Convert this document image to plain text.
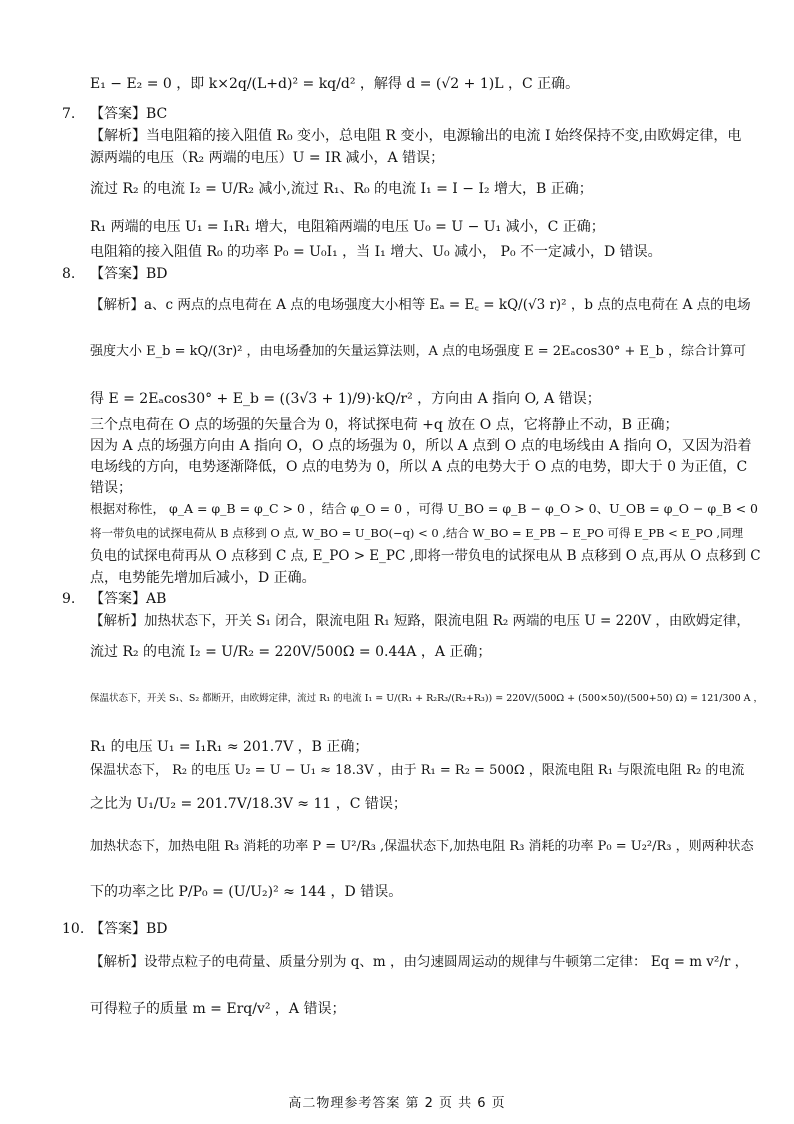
E₁ − E₂ = 0 ，即 k×2q/(L+d)² = kq/d² ，解得 d = (√2 + 1)L ，C 正确。
7. 【答案】BC
【解析】当电阻箱的接入阻值 R₀ 变小，总电阻 R 变小，电源输出的电流 I 始终保持不变,由欧姆定律，电
源两端的电压（R₂ 两端的电压）U = IR 减小，A 错误；
流过 R₂ 的电流 I₂ = U/R₂ 减小,流过 R₁、R₀ 的电流 I₁ = I − I₂ 增大，B 正确；
R₁ 两端的电压 U₁ = I₁R₁ 增大，电阻箱两端的电压 U₀ = U − U₁ 减小，C 正确；
电阻箱的接入阻值 R₀ 的功率 P₀ = U₀I₁ ，当 I₁ 增大、U₀ 减小， P₀ 不一定减小，D 错误。
8. 【答案】BD
【解析】a、c 两点的点电荷在 A 点的电场强度大小相等 Eₐ = E꜀ = kQ/(√3 r)² ，b 点的点电荷在 A 点的电场
强度大小 E_b = kQ/(3r)² ，由电场叠加的矢量运算法则，A 点的电场强度 E = 2Eₐcos30° + E_b ，综合计算可
得 E = 2Eₐcos30° + E_b = ((3√3 + 1)/9)·kQ/r² ，方向由 A 指向 O, A 错误；
三个点电荷在 O 点的场强的矢量合为 0，将试探电荷 +q 放在 O 点，它将静止不动，B 正确；
因为 A 点的场强方向由 A 指向 O，O 点的场强为 0，所以 A 点到 O 点的电场线由 A 指向 O，又因为沿着
电场线的方向，电势逐渐降低，O 点的电势为 0，所以 A 点的电势大于 O 点的电势，即大于 0 为正值，C
错误；
根据对称性， φ_A = φ_B = φ_C > 0 ，结合 φ_O = 0 ，可得 U_BO = φ_B − φ_O > 0、U_OB = φ_O − φ_B < 0
将一带负电的试探电荷从 B 点移到 O 点, W_BO = U_BO(−q) < 0 ,结合 W_BO = E_PB − E_PO 可得 E_PB < E_PO ,同理
负电的试探电荷再从 O 点移到 C 点, E_PO > E_PC ,即将一带负电的试探电从 B 点移到 O 点,再从 O 点移到 C
点，电势能先增加后减小，D 正确。
9. 【答案】AB
【解析】加热状态下，开关 S₁ 闭合，限流电阻 R₁ 短路，限流电阻 R₂ 两端的电压 U = 220V ，由欧姆定律，
流过 R₂ 的电流 I₂ = U/R₂ = 220V/500Ω = 0.44A ，A 正确；
保温状态下，开关 S₁、S₂ 都断开，由欧姆定律，流过 R₁ 的电流 I₁ = U/(R₁ + R₂R₃/(R₂+R₃)) = 220V/(500Ω + (500×50)/(500+50) Ω) = 121/300 A ，
R₁ 的电压 U₁ = I₁R₁ ≈ 201.7V ，B 正确；
保温状态下， R₂ 的电压 U₂ = U − U₁ ≈ 18.3V ，由于 R₁ = R₂ = 500Ω ，限流电阻 R₁ 与限流电阻 R₂ 的电流
之比为 U₁/U₂ = 201.7V/18.3V ≈ 11 ，C 错误；
加热状态下，加热电阻 R₃ 消耗的功率 P = U²/R₃ ,保温状态下,加热电阻 R₃ 消耗的功率 P₀ = U₂²/R₃ ，则两种状态
下的功率之比 P/P₀ = (U/U₂)² ≈ 144 ，D 错误。
10. 【答案】BD
【解析】设带点粒子的电荷量、质量分别为 q、m ，由匀速圆周运动的规律与牛顿第二定律： Eq = m v²/r ，
可得粒子的质量 m = Erq/v² ，A 错误；
高二物理参考答案 第 2 页 共 6 页
